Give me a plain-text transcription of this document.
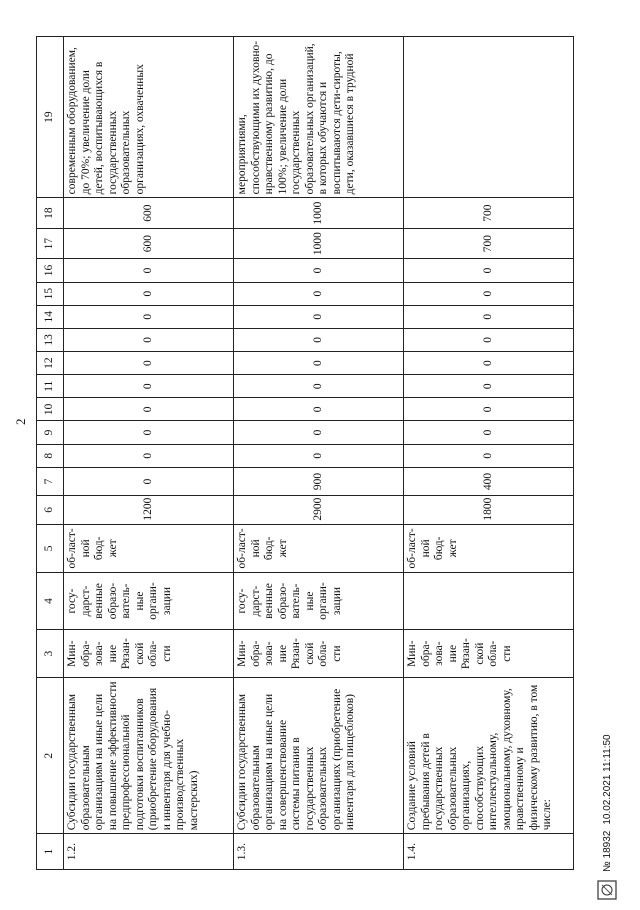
2
1	2	3	4	5	6	7	8	9	10	11	12	13	14	15	16	17	18	19
1.2.	Субсидии государственным образовательным организациям на иные цели на повышение эффективности предпрофессиональной подготовки воспитанников (приобретение оборудования и инвентаря для учебно-производственных мастерских)	Мин-обра-зова-ние Рязан-ской обла-сти	госу-дарст-венные образо-ватель-ные органи-зации	об-ласт-ной бюд-жет	1200	0	0	0	0	0	0	0	0	0	0	600	600	современным оборудованием, до 70%; увеличение доли детей, воспитывающихся в государственных образовательных организациях, охваченных
1.3.	Субсидии государственным образовательным организациям на иные цели на совершенствование системы питания в государственных образовательных организациях (приобретение инвентаря для пищеблоков)	Мин-обра-зова-ние Рязан-ской обла-сти	госу-дарст-венные образо-ватель-ные органи-зации	об-ласт-ной бюд-жет	2900	900	0	0	0	0	0	0	0	0	0	1000	1000	мероприятиями, способствующими их духовно-нравственному развитию, до 100%; увеличение доли государственных образовательных организаций, в которых обучаются и воспитываются дети-сироты, дети, оказавшиеся в трудной
1.4.	Создание условий пребывания детей в государственных образовательных организациях, способствующих интеллектуальному, эмоциональному, духовному, нравственному и физическому развитию, в том числе:	Мин-обра-зова-ние Рязан-ской обла-сти		об-ласт-ной бюд-жет	1800	400	0	0	0	0	0	0	0	0	0	700	700	
№ 18932
10.02.2021 11:11:50
